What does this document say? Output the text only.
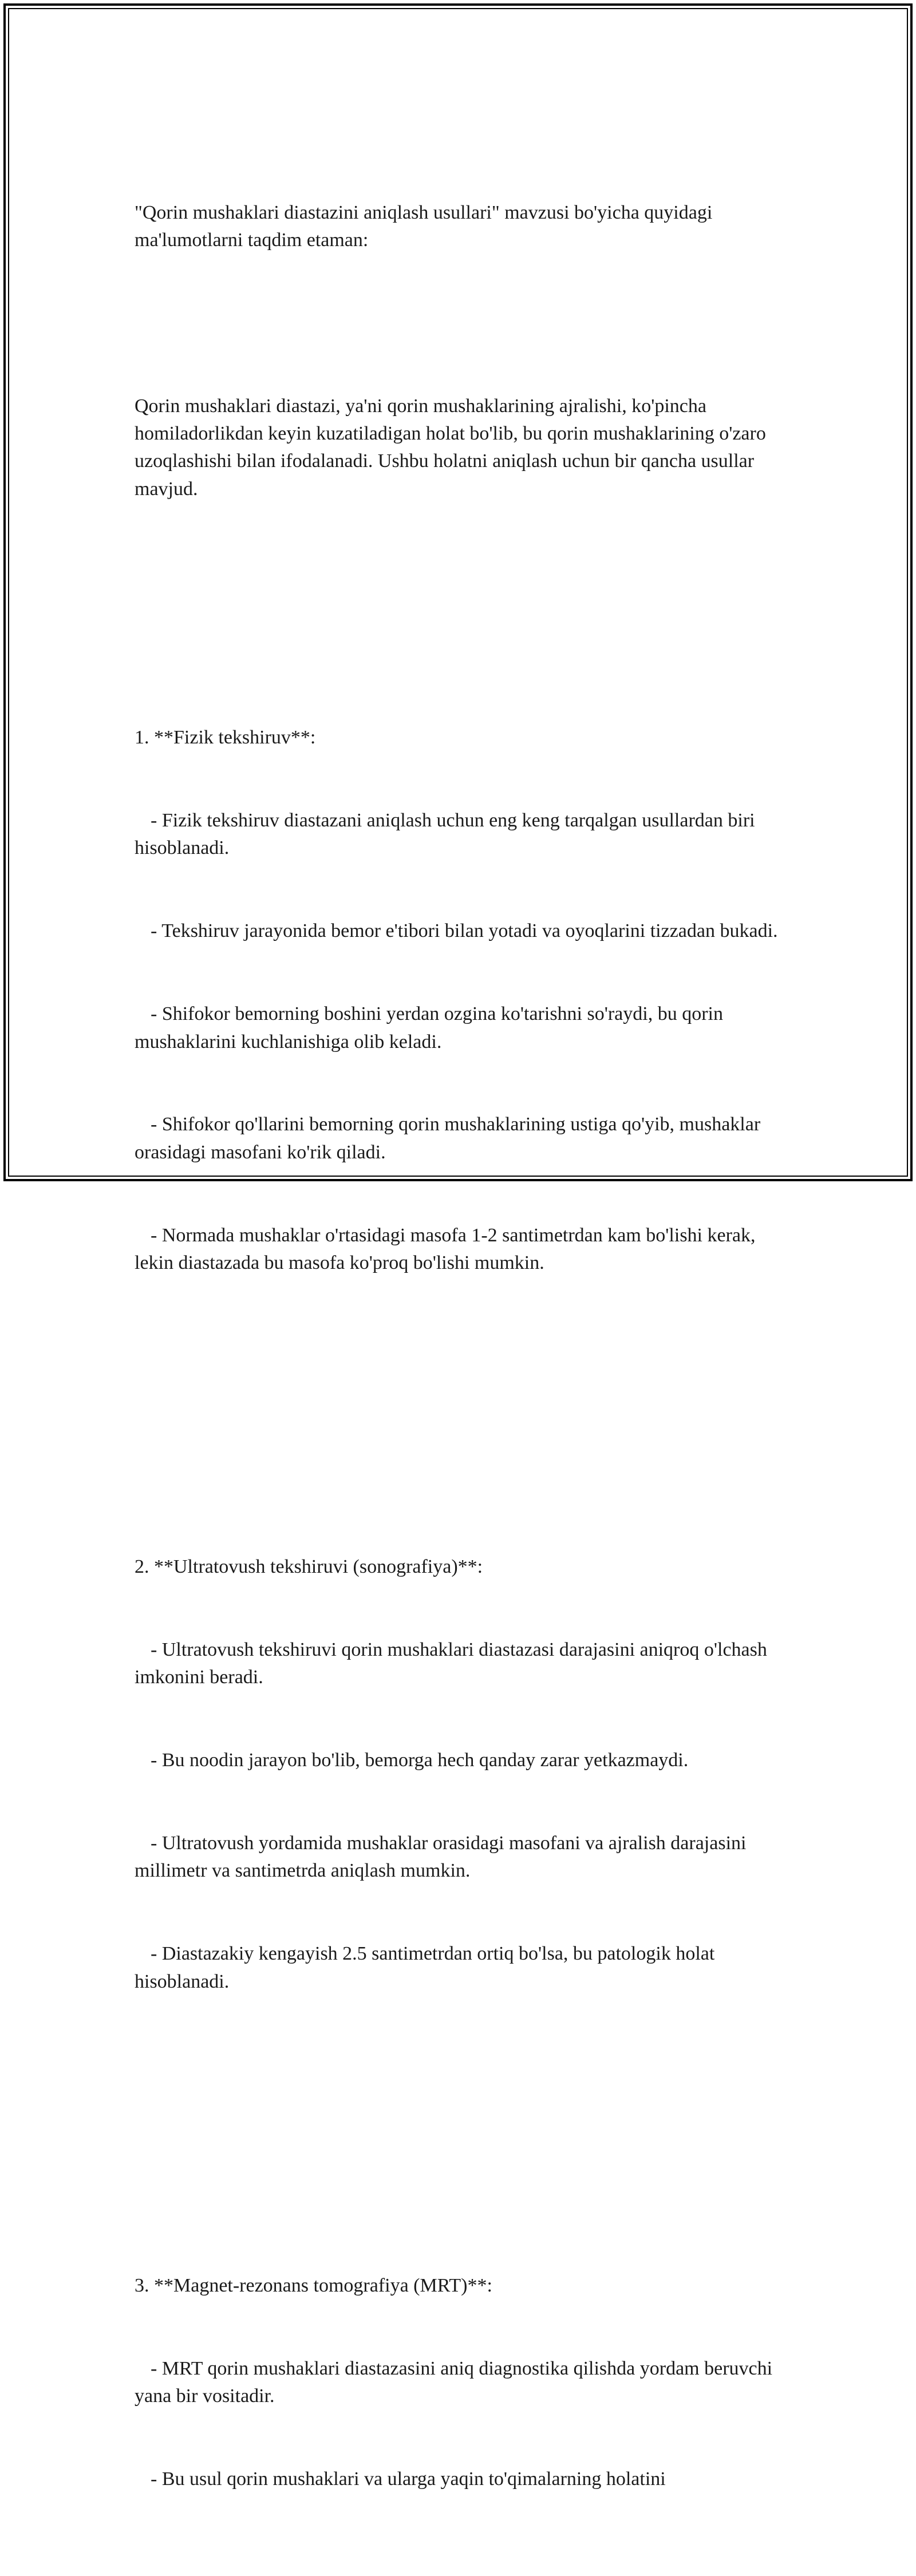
"Qorin mushaklari diastazini aniqlash usullari" mavzusi bo'yicha quyidagi ma'lumotlarni taqdim etaman:

Qorin mushaklari diastazi, ya'ni qorin mushaklarining ajralishi, ko'pincha homiladorlikdan keyin kuzatiladigan holat bo'lib, bu qorin mushaklarining o'zaro uzoqlashishi bilan ifodalanadi. Ushbu holatni aniqlash uchun bir qancha usullar mavjud.

1. **Fizik tekshiruv**:

- Fizik tekshiruv diastazani aniqlash uchun eng keng tarqalgan usullardan biri hisoblanadi.

- Tekshiruv jarayonida bemor e'tibori bilan yotadi va oyoqlarini tizzadan bukadi.

- Shifokor bemorning boshini yerdan ozgina ko'tarishni so'raydi, bu qorin mushaklarini kuchlanishiga olib keladi.

- Shifokor qo'llarini bemorning qorin mushaklarining ustiga qo'yib, mushaklar orasidagi masofani ko'rik qiladi.

- Normada mushaklar o'rtasidagi masofa 1-2 santimetrdan kam bo'lishi kerak, lekin diastazada bu masofa ko'proq bo'lishi mumkin.

2. **Ultratovush tekshiruvi (sonografiya)**:

- Ultratovush tekshiruvi qorin mushaklari diastazasi darajasini aniqroq o'lchash imkonini beradi.

- Bu noodin jarayon bo'lib, bemorga hech qanday zarar yetkazmaydi.

- Ultratovush yordamida mushaklar orasidagi masofani va ajralish darajasini millimetr va santimetrda aniqlash mumkin.

- Diastazakiy kengayish 2.5 santimetrdan ortiq bo'lsa, bu patologik holat hisoblanadi.

3. **Magnet-rezonans tomografiya (MRT)**:

- MRT qorin mushaklari diastazasini aniq diagnostika qilishda yordam beruvchi yana bir vositadir.

- Bu usul qorin mushaklari va ularga yaqin to'qimalarning holatini
